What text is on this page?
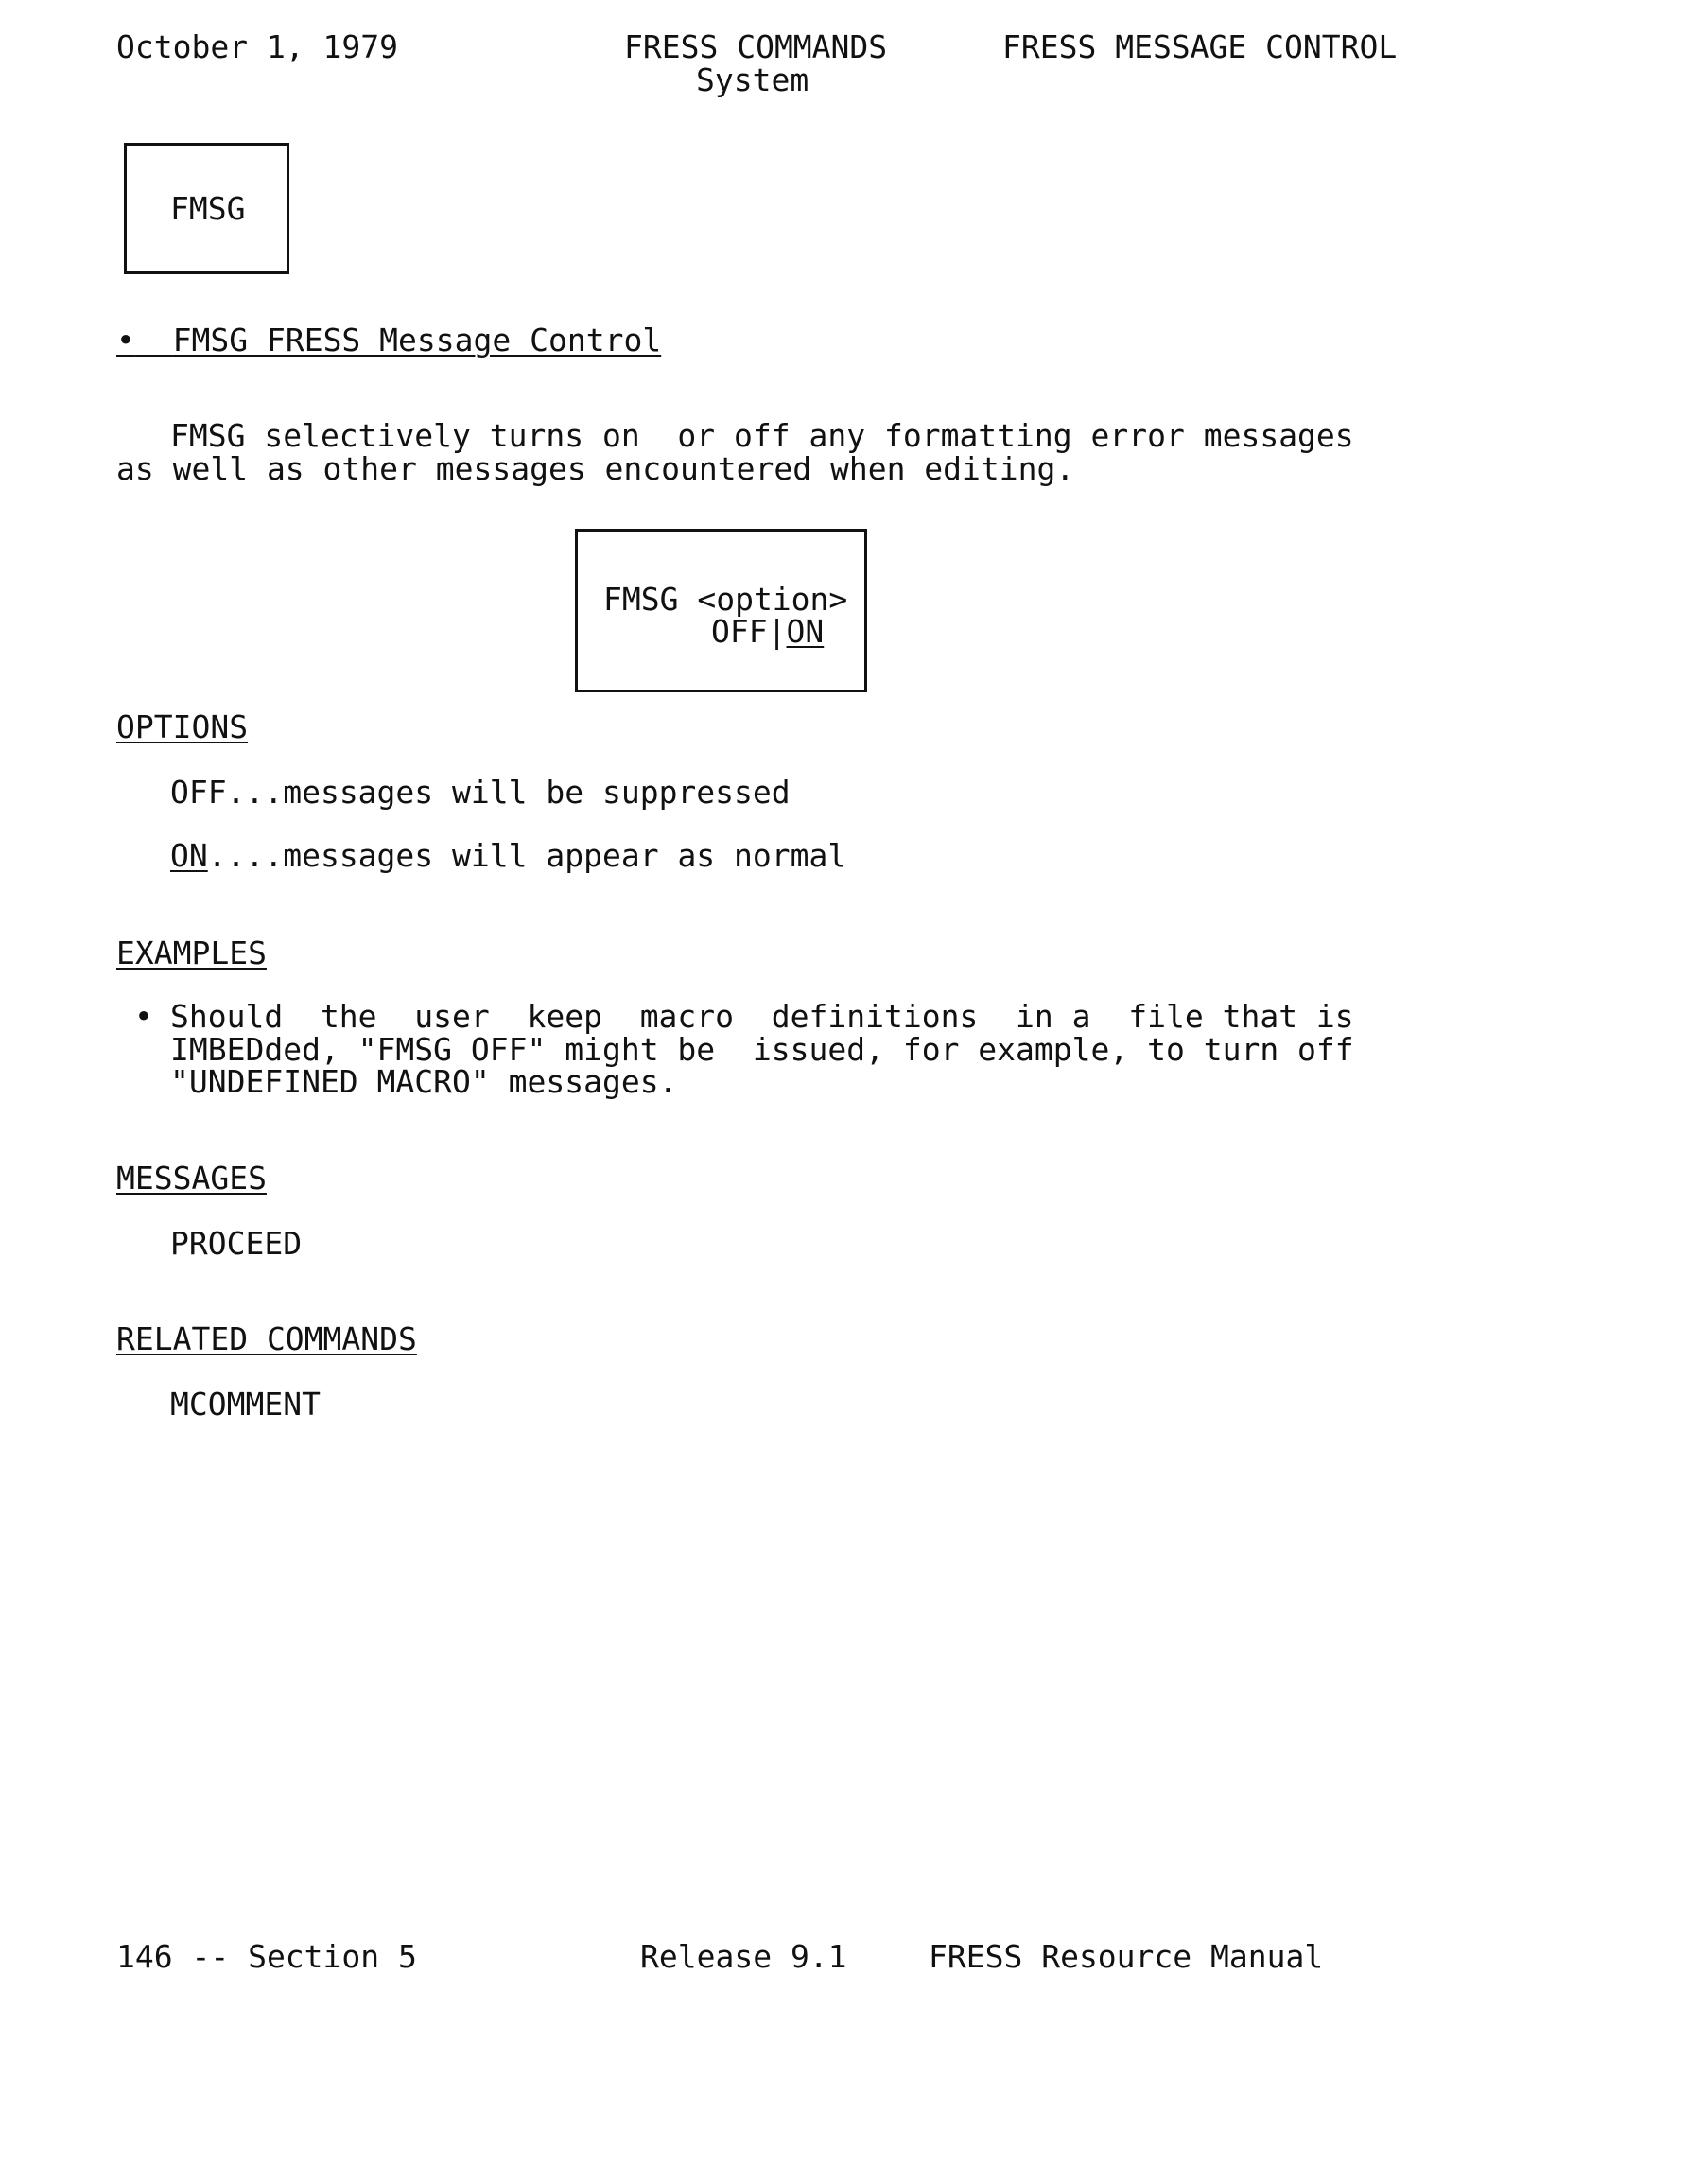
October 1, 1979	FRESS COMMANDS
System
FRESS MESSAGE CONTROL
FMSG
• FMSG FRESS Message Control
FMSG selectively turns on  or off any formatting error messages
as well as other messages encountered when editing.
FMSG <option>
OFF|ON
OPTIONS
OFF...messages will be suppressed
ON....messages will appear as normal
EXAMPLES
• Should  the  user  keep  macro  definitions  in a  file that is
IMBEDded, "FMSG OFF" might be  issued, for example, to turn off
"UNDEFINED MACRO" messages.
MESSAGES
PROCEED
RELATED COMMANDS
MCOMMENT
146 -- Section 5	Release 9.1	FRESS Resource Manual
